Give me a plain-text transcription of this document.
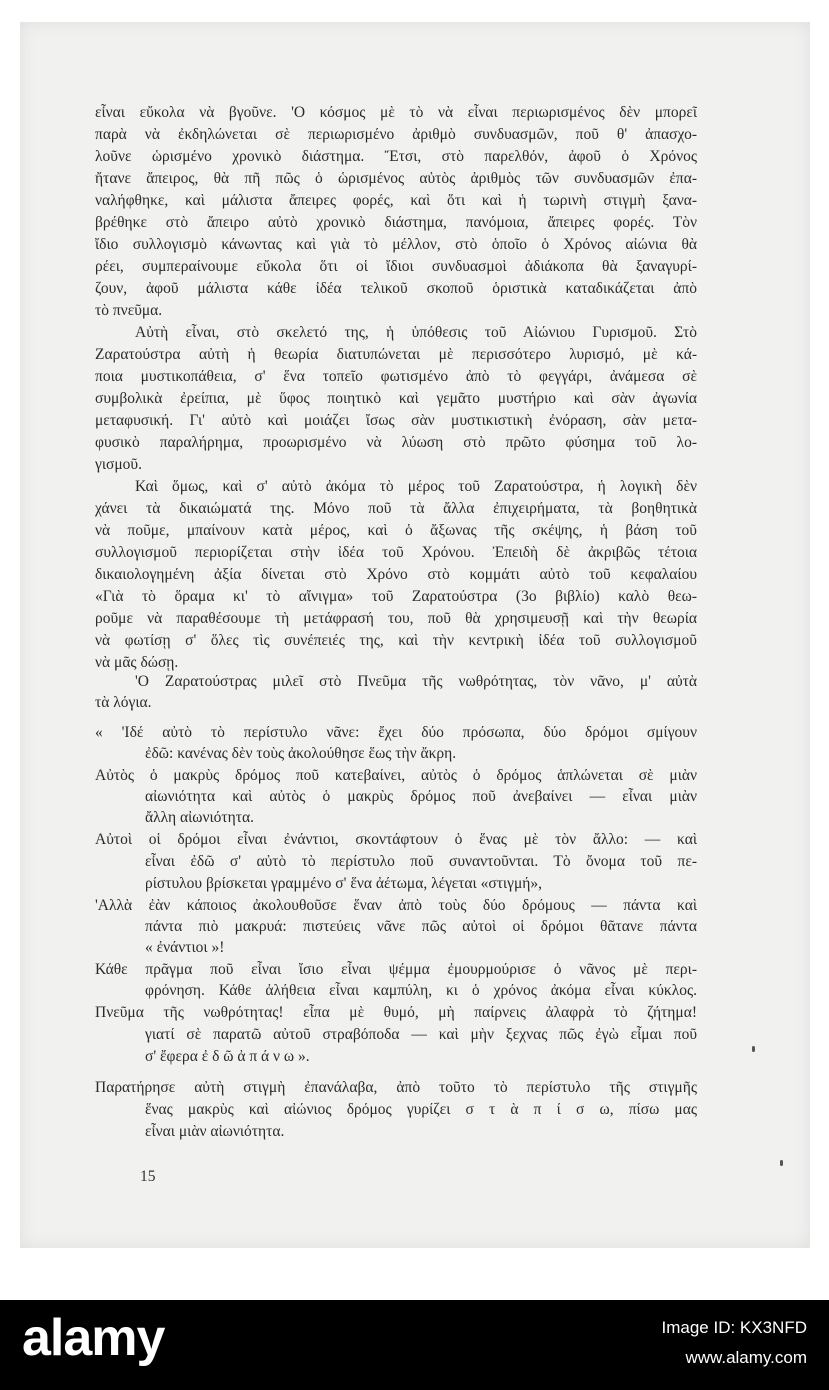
εἶναι εὔκολα νὰ βγοῦνε. 'Ο κόσμος μὲ τὸ νὰ εἶναι περιωρισμένος δὲν μπορεῖ
παρὰ νὰ ἐκδηλώνεται σὲ περιωρισμένο ἀριθμὸ συνδυασμῶν, ποῦ θ' ἀπασχο-
λοῦνε ὡρισμένο χρονικὸ διάστημα. Ἔτσι, στὸ παρελθόν, ἀφοῦ ὁ Χρόνος
ἤτανε ἄπειρος, θὰ πῆ πῶς ὁ ὡρισμένος αὐτὸς ἀριθμὸς τῶν συνδυασμῶν ἐπα-
ναλήφθηκε, καὶ μάλιστα ἄπειρες φορές, καὶ ὅτι καὶ ἡ τωρινὴ στιγμὴ ξανα-
βρέθηκε στὸ ἄπειρο αὐτὸ χρονικὸ διάστημα, πανόμοια, ἄπειρες φορές. Τὸν
ἴδιο συλλογισμὸ κάνωντας καὶ γιὰ τὸ μέλλον, στὸ ὁποῖο ὁ Χρόνος αἰώνια θὰ
ρέει, συμπεραίνουμε εὔκολα ὅτι οἱ ἴδιοι συνδυασμοὶ ἀδιάκοπα θὰ ξαναγυρί-
ζουν, ἀφοῦ μάλιστα κάθε ἰδέα τελικοῦ σκοποῦ ὁριστικὰ καταδικάζεται ἀπὸ
τὸ πνεῦμα.
Αὐτὴ εἶναι, στὸ σκελετό της, ἡ ὑπόθεσις τοῦ Αἰώνιου Γυρισμοῦ. Στὸ
Ζαρατούστρα αὐτὴ ἡ θεωρία διατυπώνεται μὲ περισσότερο λυρισμό, μὲ κά-
ποια μυστικοπάθεια, σ' ἕνα τοπεῖο φωτισμένο ἀπὸ τὸ φεγγάρι, ἀνάμεσα σὲ
συμβολικὰ ἐρείπια, μὲ ὕφος ποιητικὸ καὶ γεμᾶτο μυστήριο καὶ σὰν ἀγωνία
μεταφυσική. Γι' αὐτὸ καὶ μοιάζει ἴσως σὰν μυστικιστικὴ ἐνόραση, σὰν μετα-
φυσικὸ παραλήρημα, προωρισμένο νὰ λύωση στὸ πρῶτο φύσημα τοῦ λο-
γισμοῦ.
Καὶ ὅμως, καὶ σ' αὐτὸ ἀκόμα τὸ μέρος τοῦ Ζαρατούστρα, ἡ λογικὴ δὲν
χάνει τὰ δικαιώματά της. Μόνο ποῦ τὰ ἄλλα ἐπιχειρήματα, τὰ βοηθητικὰ
νὰ ποῦμε, μπαίνουν κατὰ μέρος, καὶ ὁ ἄξωνας τῆς σκέψης, ἡ βάση τοῦ
συλλογισμοῦ περιορίζεται στὴν ἰδέα τοῦ Χρόνου. Ἐπειδὴ δὲ ἀκριβῶς τέτοια
δικαιολογημένη ἀξία δίνεται στὸ Χρόνο στὸ κομμάτι αὐτὸ τοῦ κεφαλαίου
«Γιὰ τὸ ὅραμα κι' τὸ αἴνιγμα» τοῦ Ζαρατούστρα (3ο βιβλίο) καλὸ θεω-
ροῦμε νὰ παραθέσουμε τὴ μετάφρασή του, ποῦ θὰ χρησιμευσῇ καὶ τὴν θεωρία
νὰ φωτίσῃ σ' ὅλες τὶς συνέπειές της, καὶ τὴν κεντρικὴ ἰδέα τοῦ συλλογισμοῦ
νὰ μᾶς δώσῃ.
'Ο Ζαρατούστρας μιλεῖ στὸ Πνεῦμα τῆς νωθρότητας, τὸν νᾶνο, μ' αὐτὰ
τὰ λόγια.
« 'Ιδέ αὐτὸ τὸ περίστυλο νᾶνε: ἔχει δύο πρόσωπα, δύο δρόμοι σμίγουν
ἐδῶ: κανένας δὲν τοὺς ἀκολούθησε ἕως τὴν ἄκρη.
Αὐτὸς ὁ μακρὺς δρόμος ποῦ κατεβαίνει, αὐτὸς ὁ δρόμος ἁπλώνεται σὲ μιὰν
αἰωνιότητα καὶ αὐτὸς ὁ μακρὺς δρόμος ποῦ ἀνεβαίνει — εἶναι μιὰν
ἄλλη αἰωνιότητα.
Αὐτοὶ οἱ δρόμοι εἶναι ἐνάντιοι, σκοντάφτουν ὁ ἕνας μὲ τὸν ἄλλο: — καὶ
εἶναι ἐδῶ σ' αὐτὸ τὸ περίστυλο ποῦ συναντοῦνται. Τὸ ὄνομα τοῦ πε-
ρίστυλου βρίσκεται γραμμένο σ' ἕνα ἀέτωμα, λέγεται «στιγμή»,
'Αλλὰ ἐὰν κάποιος ἀκολουθοῦσε ἕναν ἀπὸ τοὺς δύο δρόμους — πάντα καὶ
πάντα πιὸ μακρυά: πιστεύεις νᾶνε πῶς αὐτοὶ οἱ δρόμοι θᾶτανε πάντα
« ἐνάντιοι »!
Κάθε πρᾶγμα ποῦ εἶναι ἴσιο εἶναι ψέμμα ἐμουρμούρισε ὁ νᾶνος μὲ περι-
φρόνηση. Κάθε ἀλήθεια εἶναι καμπύλη, κι ὁ χρόνος ἀκόμα εἶναι κύκλος.
Πνεῦμα τῆς νωθρότητας! εἶπα μὲ θυμό, μὴ παίρνεις ἀλαφρὰ τὸ ζήτημα!
γιατί σὲ παρατῶ αὐτοῦ στραβόποδα — καὶ μὴν ξεχνας πῶς ἐγὼ εἶμαι ποῦ
σ' ἔφερα ἐ δ ῶ ἀ π ά ν ω ».
Παρατήρησε αὐτὴ στιγμὴ ἐπανάλαβα, ἀπὸ τοῦτο τὸ περίστυλο τῆς στιγμῆς
ἕνας μακρὺς καὶ αἰώνιος δρόμος γυρίζει σ τ ὰ π ί σ ω, πίσω μας
εἶναι μιὰν αἰωνιότητα.
15
alamy	Image ID: KX3NFD
www.alamy.com
